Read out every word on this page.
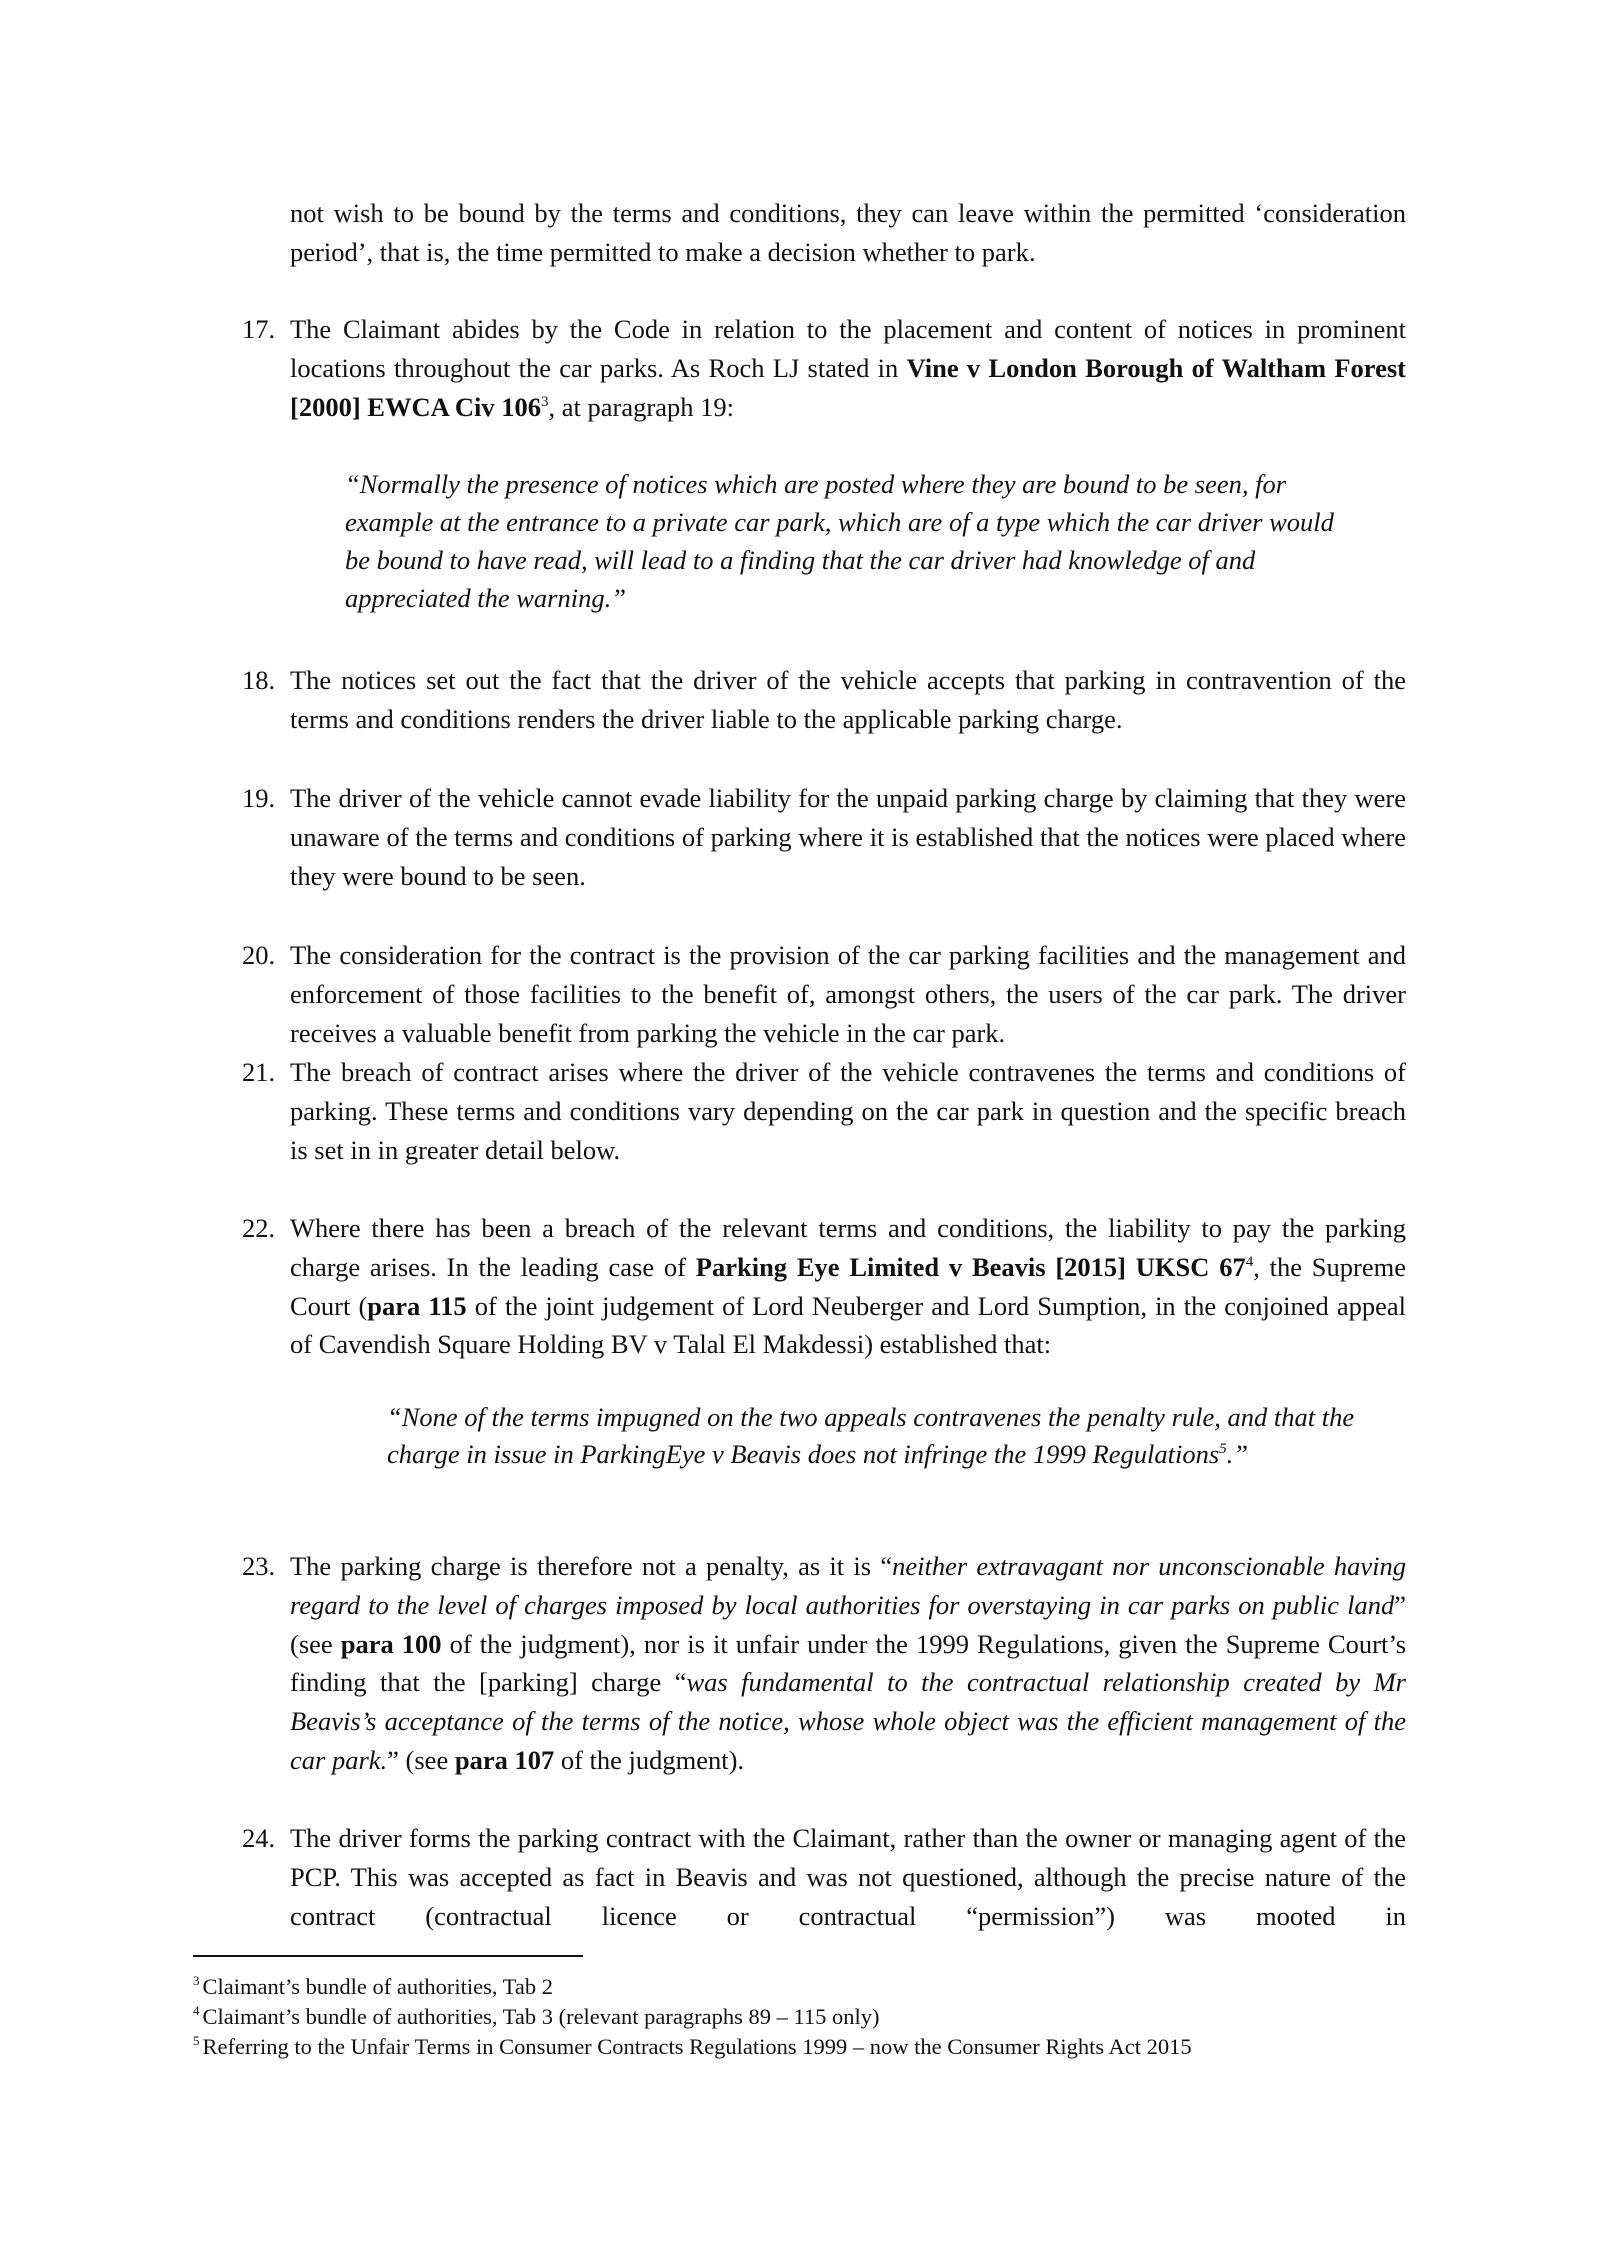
not wish to be bound by the terms and conditions, they can leave within the permitted ‘consideration period’, that is, the time permitted to make a decision whether to park.
17. The Claimant abides by the Code in relation to the placement and content of notices in prominent locations throughout the car parks. As Roch LJ stated in Vine v London Borough of Waltham Forest [2000] EWCA Civ $106^3$, at paragraph 19:
“Normally the presence of notices which are posted where they are bound to be seen, for example at the entrance to a private car park, which are of a type which the car driver would be bound to have read, will lead to a finding that the car driver had knowledge of and appreciated the warning.”
18. The notices set out the fact that the driver of the vehicle accepts that parking in contravention of the terms and conditions renders the driver liable to the applicable parking charge.
19. The driver of the vehicle cannot evade liability for the unpaid parking charge by claiming that they were unaware of the terms and conditions of parking where it is established that the notices were placed where they were bound to be seen.
20. The consideration for the contract is the provision of the car parking facilities and the management and enforcement of those facilities to the benefit of, amongst others, the users of the car park. The driver receives a valuable benefit from parking the vehicle in the car park.
21. The breach of contract arises where the driver of the vehicle contravenes the terms and conditions of parking. These terms and conditions vary depending on the car park in question and the specific breach is set in in greater detail below.
22. Where there has been a breach of the relevant terms and conditions, the liability to pay the parking charge arises. In the leading case of Parking Eye Limited v Beavis [2015] UKSC $67^4$, the Supreme Court (para 115 of the joint judgement of Lord Neuberger and Lord Sumption, in the conjoined appeal of Cavendish Square Holding BV v Talal El Makdessi) established that:
“None of the terms impugned on the two appeals contravenes the penalty rule, and that the charge in issue in ParkingEye v Beavis does not infringe the 1999 Regulations$^5$.”
23. The parking charge is therefore not a penalty, as it is “neither extravagant nor unconscionable having regard to the level of charges imposed by local authorities for overstaying in car parks on public land” (see para 100 of the judgment), nor is it unfair under the 1999 Regulations, given the Supreme Court’s finding that the [parking] charge “was fundamental to the contractual relationship created by Mr Beavis’s acceptance of the terms of the notice, whose whole object was the efficient management of the car park.” (see para 107 of the judgment).
24. The driver forms the parking contract with the Claimant, rather than the owner or managing agent of the PCP. This was accepted as fact in Beavis and was not questioned, although the precise nature of the contract (contractual licence or contractual “permission”) was mooted in
$^3$ Claimant’s bundle of authorities, Tab 2
$^4$ Claimant’s bundle of authorities, Tab 3 (relevant paragraphs 89 – 115 only)
$^5$ Referring to the Unfair Terms in Consumer Contracts Regulations 1999 – now the Consumer Rights Act 2015
